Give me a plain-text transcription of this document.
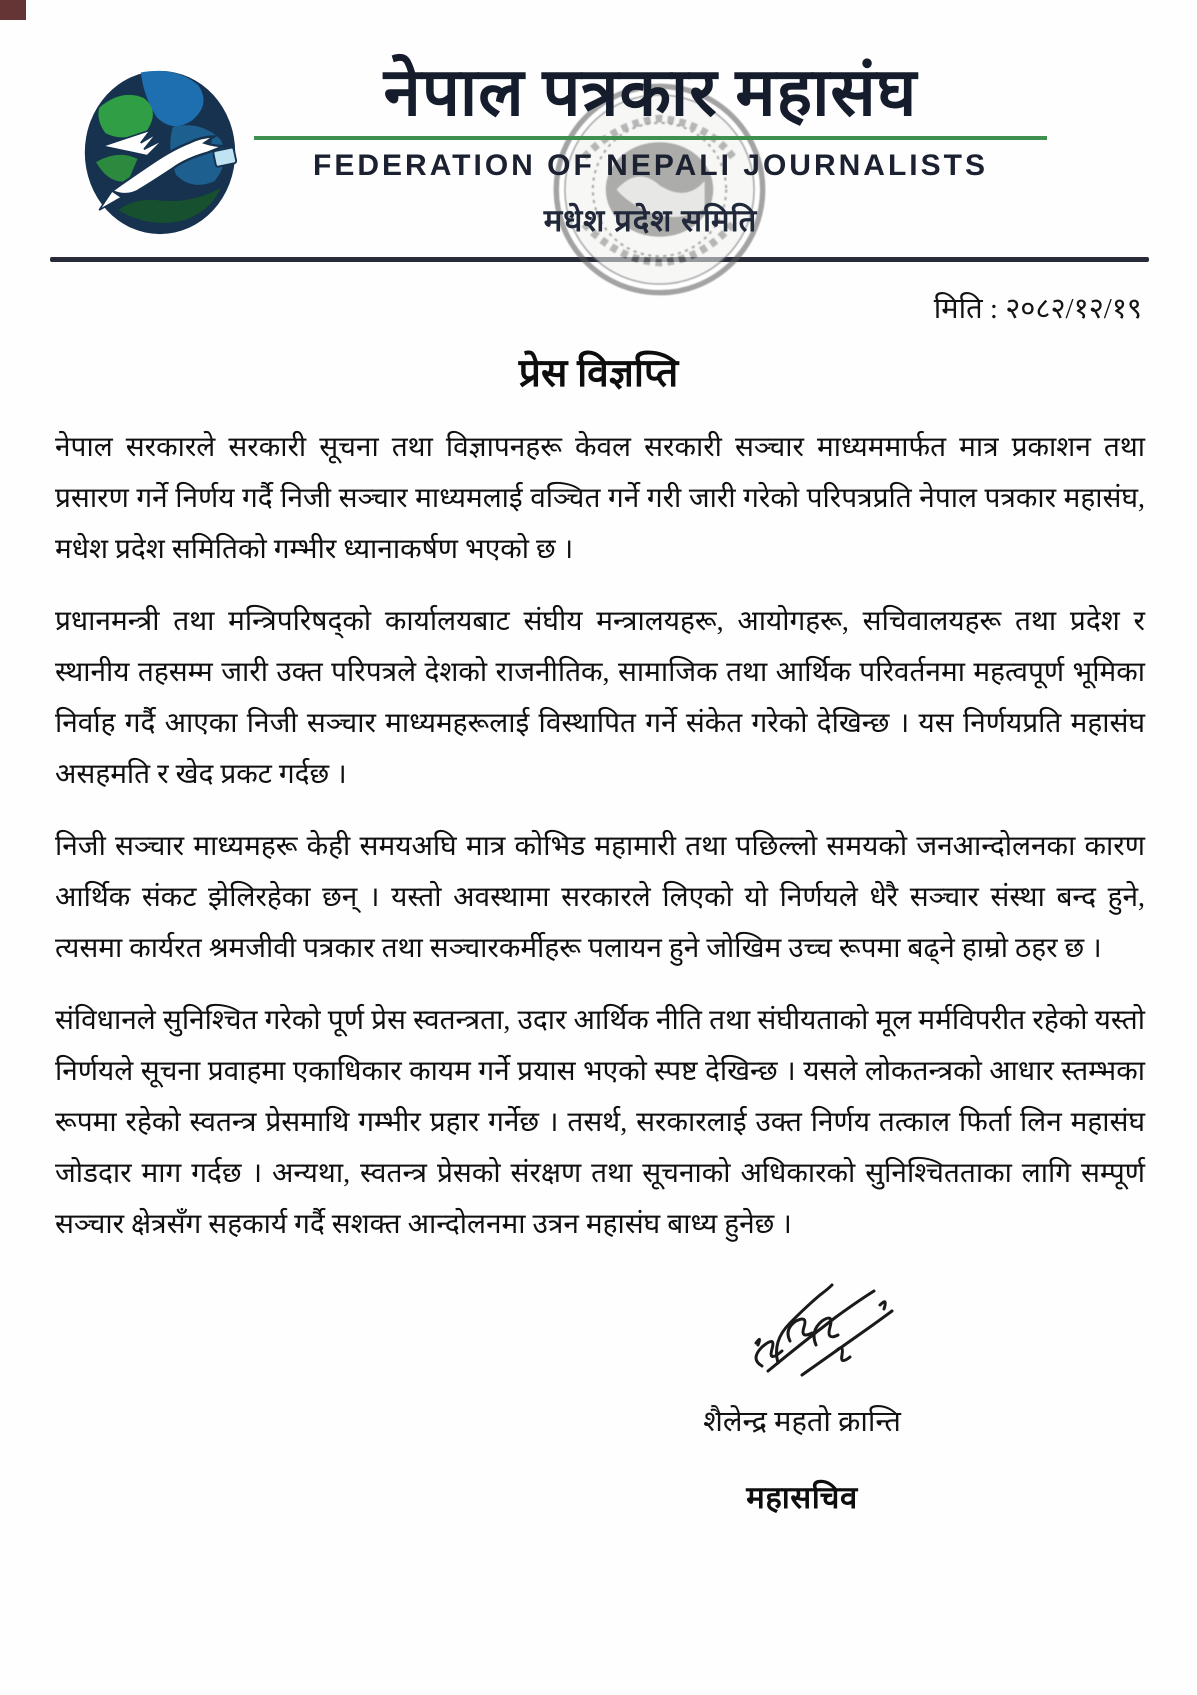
नेपाल पत्रकार महासंघ
FEDERATION OF NEPALI JOURNALISTS
मधेश प्रदेश समिति
मिति : २०८२/१२/१९
प्रेस विज्ञप्ति

नेपाल सरकारले सरकारी सूचना तथा विज्ञापनहरू केवल सरकारी सञ्चार माध्यममार्फत मात्र प्रकाशन तथा प्रसारण गर्ने निर्णय गर्दै निजी सञ्चार माध्यमलाई वञ्चित गर्ने गरी जारी गरेको परिपत्रप्रति नेपाल पत्रकार महासंघ, मधेश प्रदेश समितिको गम्भीर ध्यानाकर्षण भएको छ ।

प्रधानमन्त्री तथा मन्त्रिपरिषद्को कार्यालयबाट संघीय मन्त्रालयहरू, आयोगहरू, सचिवालयहरू तथा प्रदेश र स्थानीय तहसम्म जारी उक्त परिपत्रले देशको राजनीतिक, सामाजिक तथा आर्थिक परिवर्तनमा महत्वपूर्ण भूमिका निर्वाह गर्दै आएका निजी सञ्चार माध्यमहरूलाई विस्थापित गर्ने संकेत गरेको देखिन्छ । यस निर्णयप्रति महासंघ असहमति र खेद प्रकट गर्दछ ।

निजी सञ्चार माध्यमहरू केही समयअघि मात्र कोभिड महामारी तथा पछिल्लो समयको जनआन्दोलनका कारण आर्थिक संकट झेलिरहेका छन् । यस्तो अवस्थामा सरकारले लिएको यो निर्णयले धेरै सञ्चार संस्था बन्द हुने, त्यसमा कार्यरत श्रमजीवी पत्रकार तथा सञ्चारकर्मीहरू पलायन हुने जोखिम उच्च रूपमा बढ्ने हाम्रो ठहर छ ।

संविधानले सुनिश्चित गरेको पूर्ण प्रेस स्वतन्त्रता, उदार आर्थिक नीति तथा संघीयताको मूल मर्मविपरीत रहेको यस्तो निर्णयले सूचना प्रवाहमा एकाधिकार कायम गर्ने प्रयास भएको स्पष्ट देखिन्छ । यसले लोकतन्त्रको आधार स्तम्भका रूपमा रहेको स्वतन्त्र प्रेसमाथि गम्भीर प्रहार गर्नेछ । तसर्थ, सरकारलाई उक्त निर्णय तत्काल फिर्ता लिन महासंघ जोडदार माग गर्दछ । अन्यथा, स्वतन्त्र प्रेसको संरक्षण तथा सूचनाको अधिकारको सुनिश्चितताका लागि सम्पूर्ण सञ्चार क्षेत्रसँग सहकार्य गर्दै सशक्त आन्दोलनमा उत्रन महासंघ बाध्य हुनेछ ।

शैलेन्द्र महतो क्रान्ति
महासचिव
